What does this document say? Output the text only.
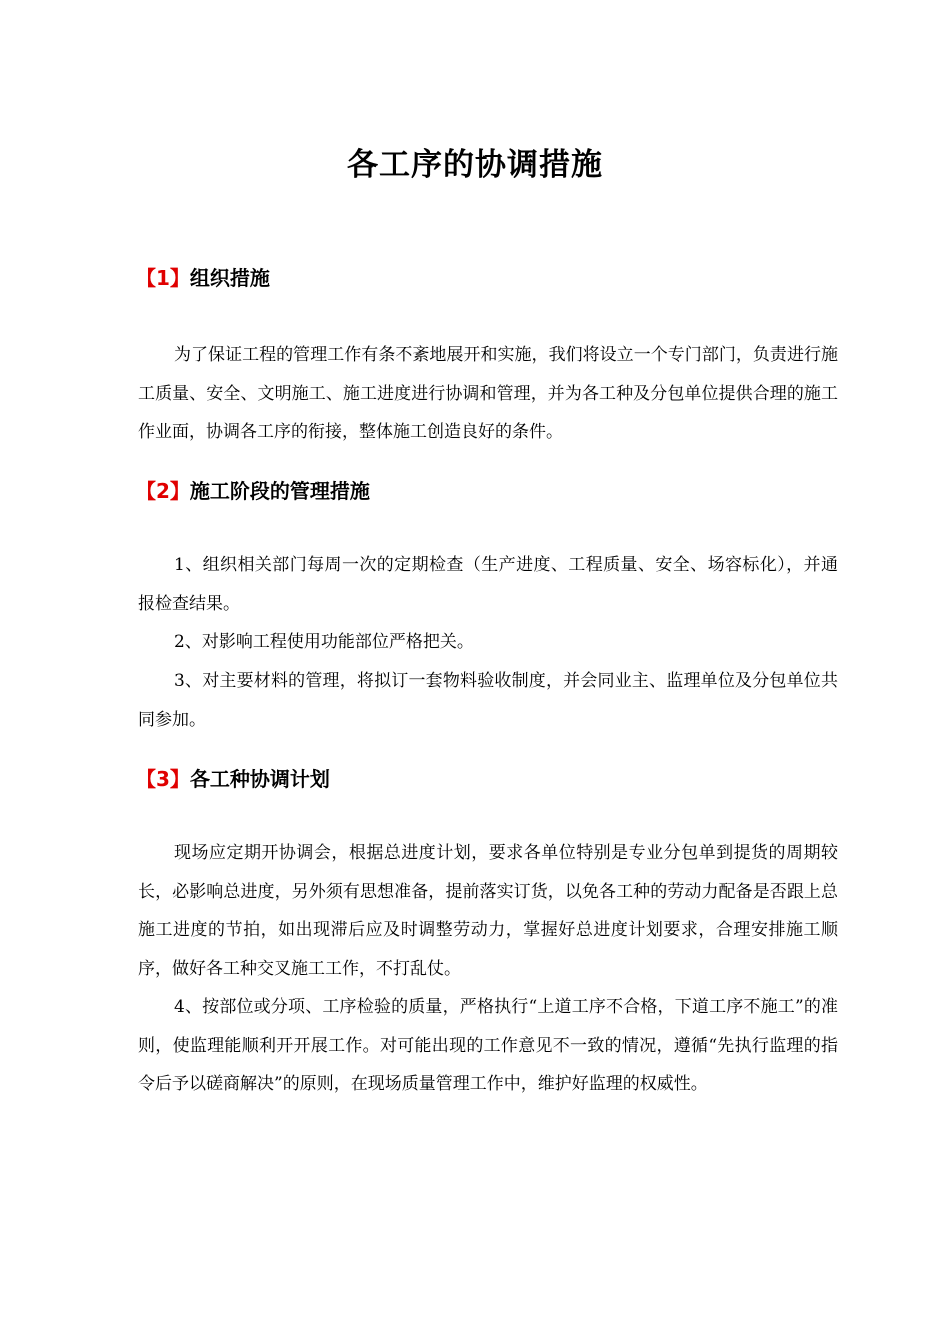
各工序的协调措施
【1】组织措施

为了保证工程的管理工作有条不紊地展开和实施，我们将设立一个专门部门，负责进行施工质量、安全、文明施工、施工进度进行协调和管理，并为各工种及分包单位提供合理的施工作业面，协调各工序的衔接，整体施工创造良好的条件。

【2】施工阶段的管理措施

1、组织相关部门每周一次的定期检查（生产进度、工程质量、安全、场容标化），并通报检查结果。

2、对影响工程使用功能部位严格把关。

3、对主要材料的管理，将拟订一套物料验收制度，并会同业主、监理单位及分包单位共同参加。

【3】各工种协调计划

现场应定期开协调会，根据总进度计划，要求各单位特别是专业分包单到提货的周期较长，必影响总进度，另外须有思想准备，提前落实订货，以免各工种的劳动力配备是否跟上总施工进度的节拍，如出现滞后应及时调整劳动力，掌握好总进度计划要求，合理安排施工顺序，做好各工种交叉施工工作，不打乱仗。

4、按部位或分项、工序检验的质量，严格执行“上道工序不合格，下道工序不施工”的准则，使监理能顺利开开展工作。对可能出现的工作意见不一致的情况，遵循“先执行监理的指令后予以磋商解决”的原则，在现场质量管理工作中，维护好监理的权威性。
